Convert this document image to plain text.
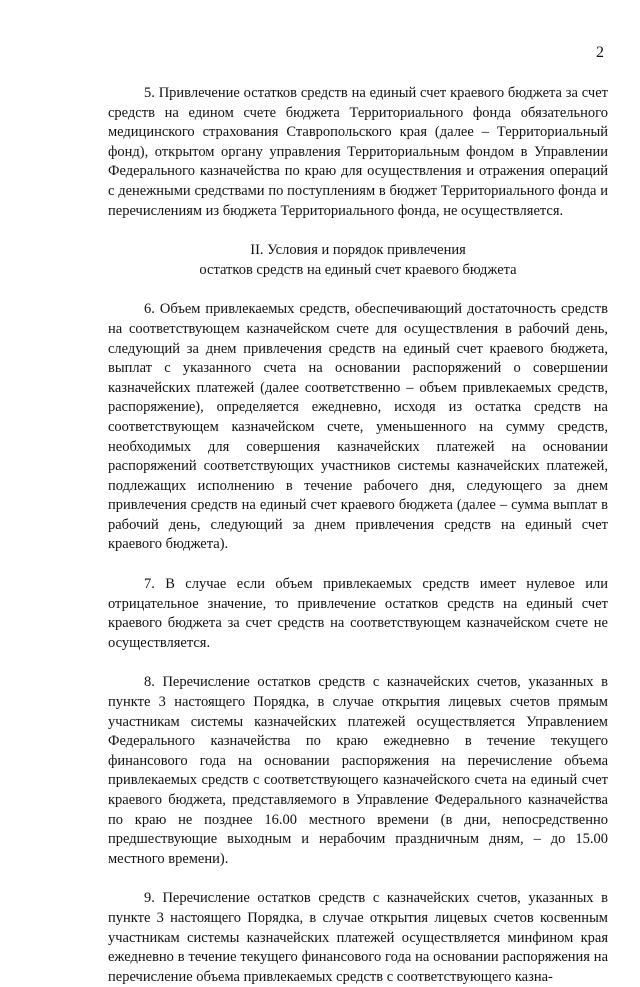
2

5. Привлечение остатков средств на единый счет краевого бюджета за счет средств на едином счете бюджета Территориального фонда обязательного медицинского страхования Ставропольского края (далее – Территориальный фонд), открытом органу управления Территориальным фондом в Управлении Федерального казначейства по краю для осуществления и отражения операций с денежными средствами по поступлениям в бюджет Территориального фонда и перечислениям из бюджета Территориального фонда, не осуществляется.

II. Условия и порядок привлечения
остатков средств на единый счет краевого бюджета

6. Объем привлекаемых средств, обеспечивающий достаточность средств на соответствующем казначейском счете для осуществления в рабочий день, следующий за днем привлечения средств на единый счет краевого бюджета, выплат с указанного счета на основании распоряжений о совершении казначейских платежей (далее соответственно – объем привлекаемых средств, распоряжение), определяется ежедневно, исходя из остатка средств на соответствующем казначейском счете, уменьшенного на сумму средств, необходимых для совершения казначейских платежей на основании распоряжений соответствующих участников системы казначейских платежей, подлежащих исполнению в течение рабочего дня, следующего за днем привлечения средств на единый счет краевого бюджета (далее – сумма выплат в рабочий день, следующий за днем привлечения средств на единый счет краевого бюджета).

7. В случае если объем привлекаемых средств имеет нулевое или отрицательное значение, то привлечение остатков средств на единый счет краевого бюджета за счет средств на соответствующем казначейском счете не осуществляется.

8. Перечисление остатков средств с казначейских счетов, указанных в пункте 3 настоящего Порядка, в случае открытия лицевых счетов прямым участникам системы казначейских платежей осуществляется Управлением Федерального казначейства по краю ежедневно в течение текущего финансового года на основании распоряжения на перечисление объема привлекаемых средств с соответствующего казначейского счета на единый счет краевого бюджета, представляемого в Управление Федерального казначейства по краю не позднее 16.00 местного времени (в дни, непосредственно предшествующие выходным и нерабочим праздничным дням, – до 15.00 местного времени).

9. Перечисление остатков средств с казначейских счетов, указанных в пункте 3 настоящего Порядка, в случае открытия лицевых счетов косвенным участникам системы казначейских платежей осуществляется минфином края ежедневно в течение текущего финансового года на основании распоряжения на перечисление объема привлекаемых средств с соответствующего казна-
